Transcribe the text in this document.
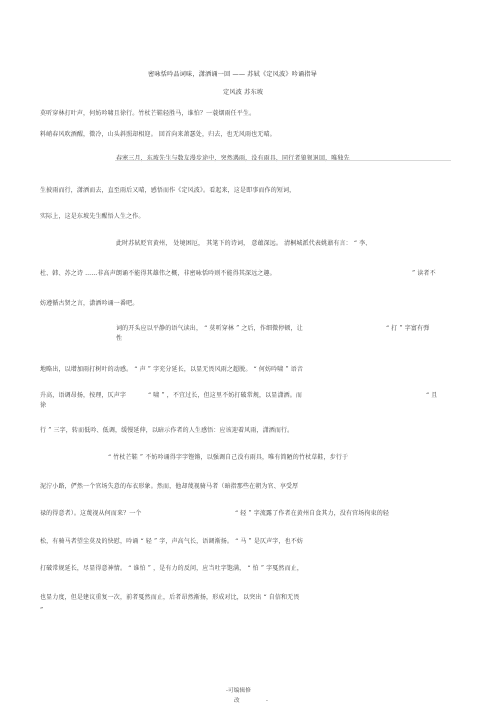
密咏恬吟品词味，潇洒诵一回 —— 苏轼《定风波》吟诵指导
定风波 苏东坡
莫听穿林打叶声，何妨吟啸且徐行。竹杖芒鞋轻胜马，谁怕？一蓑烟雨任平生。
料峭春风吹酒醒，微冷，山头斜照却相迎。 回首向来萧瑟处，归去，也无风雨也无晴。
春寒三月，东坡先生与数友漫步途中，突然遇雨，没有雨具，同行者狼狈退回，唯独先
生披雨而行，潇洒而去，直至雨后又晴，感悟而作《定风波》。看起来，这是即事而作的短词，
实际上，这是东坡先生醒悟人生之作。
此时苏轼贬官黄州， 处境困厄， 其笔下的诗词， 意蕴深远。 清桐城派代表姚鼐有言： “ 李、
杜、韩、苏之诗 ……非高声朗诵不能得其雄伟之概，非密咏恬吟则不能得其深远之趣。	” 读者不
妨遵循古贤之言，潇洒吟诵一番吧。
词的开头应以平静的语气读出， “ 莫听穿林 ” 之后，作细微停顿，让	“ 打 ” 字富有弹
性
地略出，以增加雨打树叶的动感。 “ 声 ” 字充分延长，以显无畏风雨之超脱。 “ 何妨吟啸 ” 语音
升高，语调昂扬，按理，仄声字	“ 啸 ” ，不宜过长，但这里不妨打破常规，以显潇洒。而	“ 且
徐
行 ” 三字，转而低吟、低调，缓慢延伸，以暗示作者的人生感悟：应该迎着风雨，潇洒而行。
“ 竹杖芒鞋 ” 不妨吟诵得字字铿锵，以强调自己没有雨具，唯有简陋的竹杖草鞋，步行于
泥泞小路，俨然一个官场失意的布衣形象。然而，他却蔑视骑马者（暗指那些在朝为官、享受厚
禄的得意者）。这蔑视从何而来？一个	“ 轻 ” 字流露了作者在黄州自食其力，没有官场拘束的轻
松，有骑马者望尘莫及的快慰，吟诵 “ 轻 ” 字，声高气长，语调渐扬。 “ 马 ” 是仄声字，也不妨
打破常规延长，尽显得意神情。 “ 谁怕 ” ，是有力的反问，应当吐字饱满， “ 怕 ” 字戛然而止，
也显力度，但是建议重复一次，前者戛然而止，后者昂然渐扬，形成对比，以突出 “ 自信和无畏
”
-可编辑修
改	-
